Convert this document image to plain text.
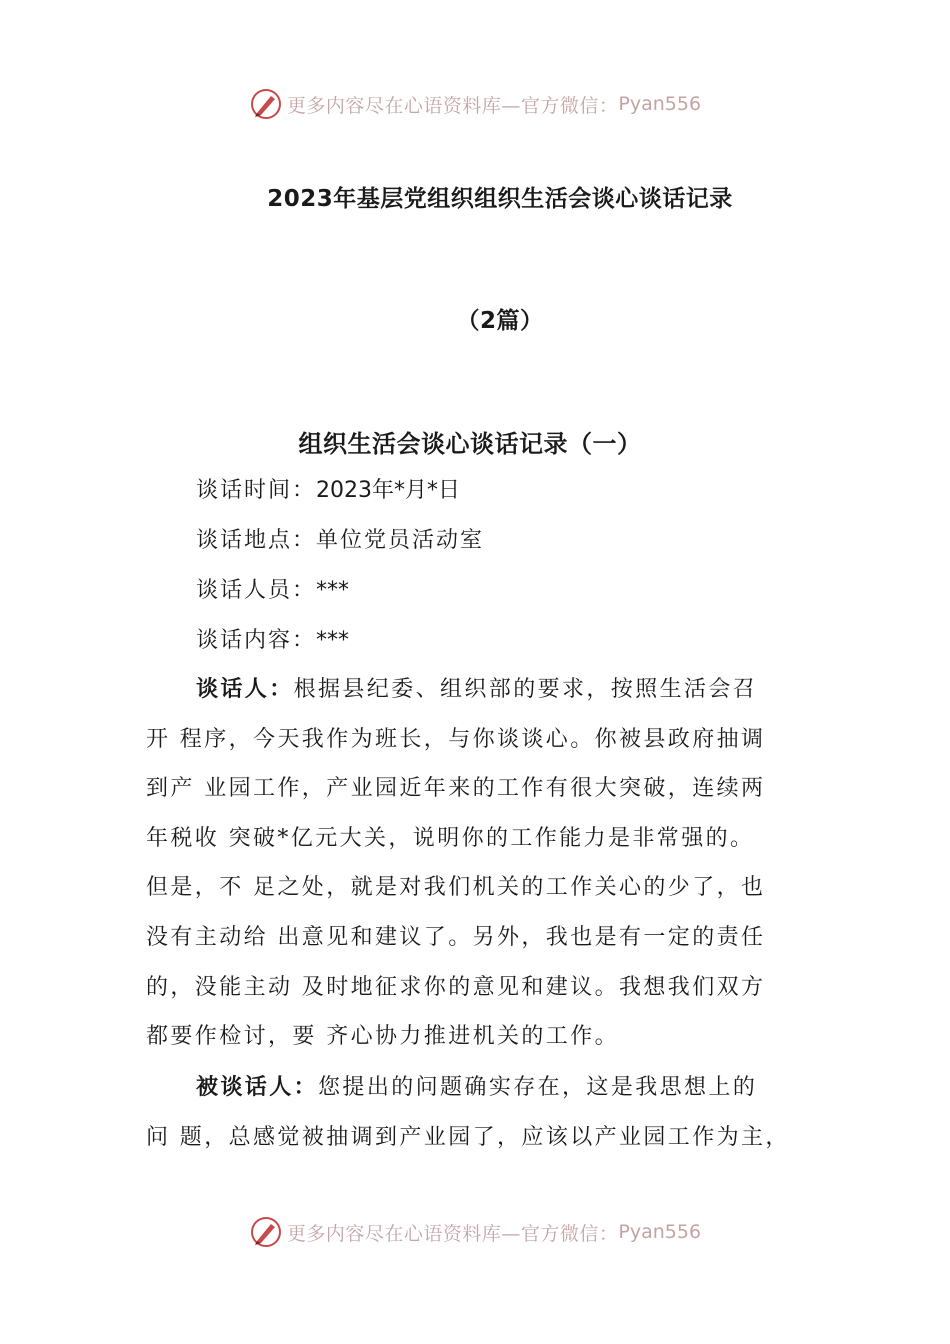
更多内容尽在心语资料库—官方微信： Pyan556
2023年基层党组织组织生活会谈心谈话记录
（2篇）
组织生活会谈心谈话记录（一）
谈话时间：2023年*月*日
谈话地点：单位党员活动室
谈话人员：***
谈话内容：***
谈话人：根据县纪委、组织部的要求，按照生活会召
开 程序，今天我作为班长，与你谈谈心。你被县政府抽调
到产 业园工作，产业园近年来的工作有很大突破，连续两
年税收 突破*亿元大关，说明你的工作能力是非常强的。
但是，不 足之处，就是对我们机关的工作关心的少了，也
没有主动给 出意见和建议了。另外，我也是有一定的责任
的，没能主动 及时地征求你的意见和建议。我想我们双方
都要作检讨，要 齐心协力推进机关的工作。
被谈话人：您提出的问题确实存在，这是我思想上的
问 题，总感觉被抽调到产业园了，应该以产业园工作为主，
更多内容尽在心语资料库—官方微信： Pyan556
